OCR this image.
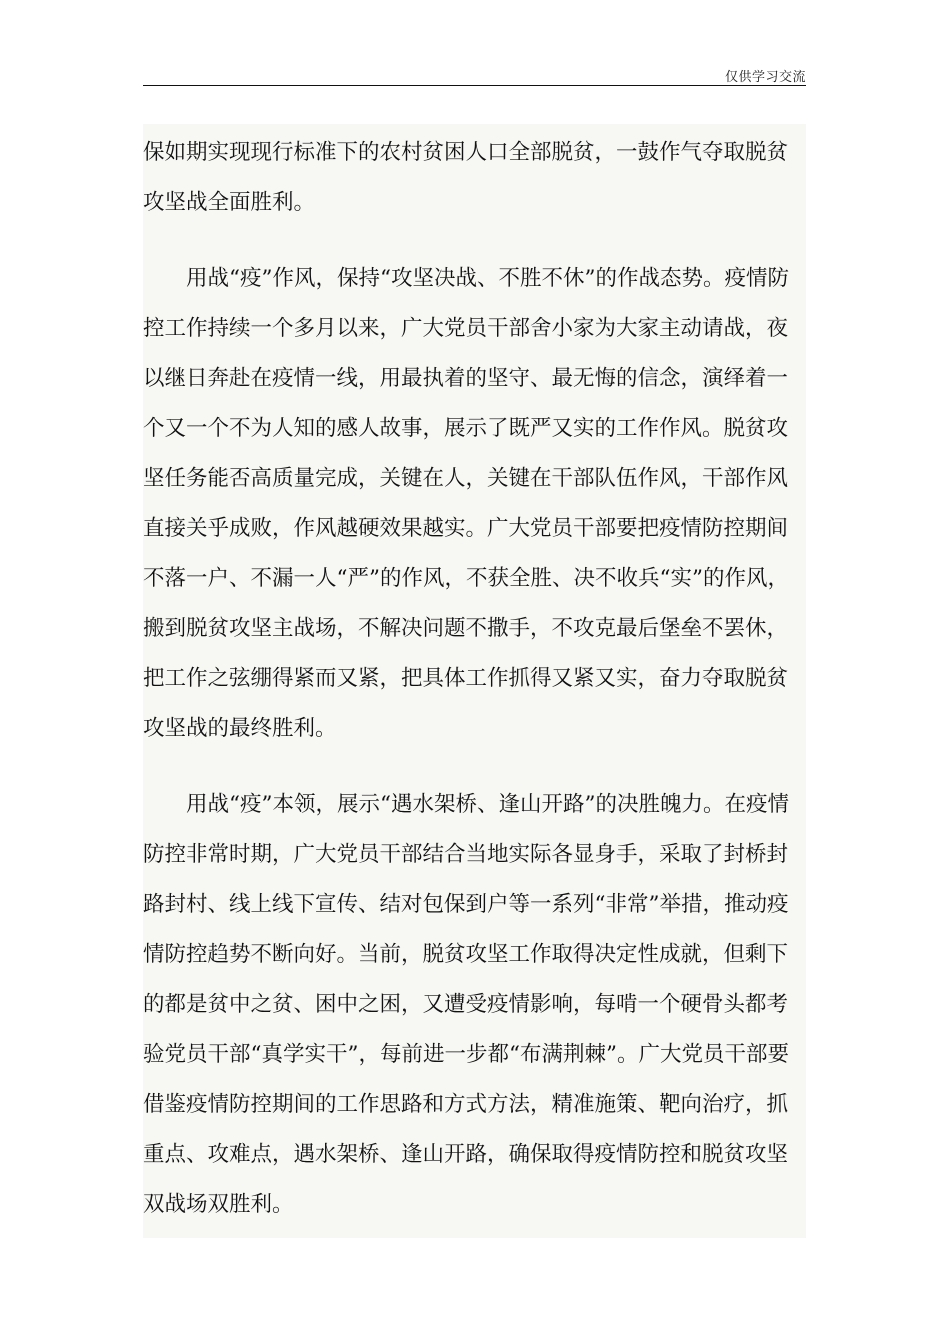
仅供学习交流

保如期实现现行标准下的农村贫困人口全部脱贫，一鼓作气夺取脱贫攻坚战全面胜利。

用战“疫”作风，保持“攻坚决战、不胜不休”的作战态势。疫情防控工作持续一个多月以来，广大党员干部舍小家为大家主动请战，夜以继日奔赴在疫情一线，用最执着的坚守、最无悔的信念，演绎着一个又一个不为人知的感人故事，展示了既严又实的工作作风。脱贫攻坚任务能否高质量完成，关键在人，关键在干部队伍作风，干部作风直接关乎成败，作风越硬效果越实。广大党员干部要把疫情防控期间不落一户、不漏一人“严”的作风，不获全胜、决不收兵“实”的作风，搬到脱贫攻坚主战场，不解决问题不撒手，不攻克最后堡垒不罢休，把工作之弦绷得紧而又紧，把具体工作抓得又紧又实，奋力夺取脱贫攻坚战的最终胜利。

用战“疫”本领，展示“遇水架桥、逢山开路”的决胜魄力。在疫情防控非常时期，广大党员干部结合当地实际各显身手，采取了封桥封路封村、线上线下宣传、结对包保到户等一系列“非常”举措，推动疫情防控趋势不断向好。当前，脱贫攻坚工作取得决定性成就，但剩下的都是贫中之贫、困中之困，又遭受疫情影响，每啃一个硬骨头都考验党员干部“真学实干”，每前进一步都“布满荆棘”。广大党员干部要借鉴疫情防控期间的工作思路和方式方法，精准施策、靶向治疗，抓重点、攻难点，遇水架桥、逢山开路，确保取得疫情防控和脱贫攻坚双战场双胜利。
